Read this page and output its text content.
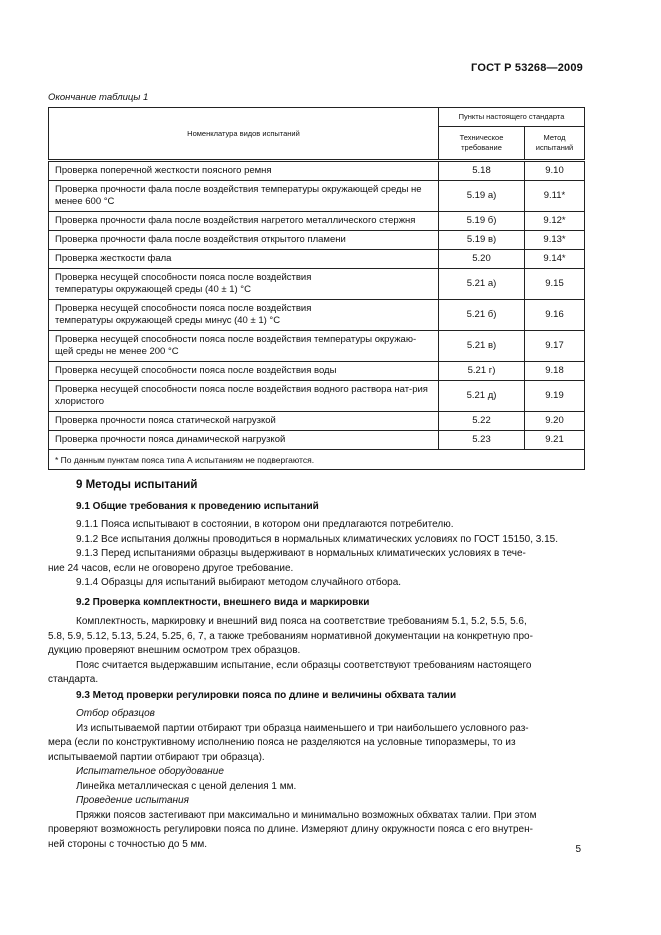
ГОСТ Р 53268—2009
Окончание таблицы 1
Номенклатура видов испытаний	Пункты настоящего стандарта	
	Техническое требование	Метод испытаний
Проверка поперечной жесткости поясного ремня	5.18	9.10
Проверка прочности фала после воздействия температуры окружающей среды не менее 600 °С	5.19 а)	9.11*
Проверка прочности фала после воздействия нагретого металлического стержня	5.19 б)	9.12*
Проверка прочности фала после воздействия открытого пламени	5.19 в)	9.13*
Проверка жесткости фала	5.20	9.14*
Проверка несущей способности пояса после воздействия
температуры окружающей среды (40 ± 1) °С	5.21 а)	9.15
Проверка несущей способности пояса после воздействия
температуры окружающей среды минус (40 ± 1) °С	5.21 б)	9.16
Проверка несущей способности пояса после воздействия температуры окружаю-щей среды не менее 200 °С	5.21 в)	9.17
Проверка несущей способности пояса после воздействия воды	5.21 г)	9.18
Проверка несущей способности пояса после воздействия водного раствора нат-рия хлористого	5.21 д)	9.19
Проверка прочности пояса статической нагрузкой	5.22	9.20
Проверка прочности пояса динамической нагрузкой	5.23	9.21
* По данным пунктам пояса типа А испытаниям не подвергаются.		
9 Методы испытаний
9.1 Общие требования к проведению испытаний

9.1.1 Пояса испытывают в состоянии, в котором они предлагаются потребителю.

9.1.2 Все испытания должны проводиться в нормальных климатических условиях по ГОСТ 15150, 3.15.

9.1.3 Перед испытаниями образцы выдерживают в нормальных климатических условиях в тече-

ние 24 часов, если не оговорено другое требование.

9.1.4 Образцы для испытаний выбирают методом случайного отбора.

9.2 Проверка комплектности, внешнего вида и маркировки

Комплектность, маркировку и внешний вид пояса на соответствие требованиям 5.1, 5.2, 5.5, 5.6,

5.8, 5.9, 5.12, 5.13, 5.24, 5.25, 6, 7, а также требованиям нормативной документации на конкретную про-

дукцию проверяют внешним осмотром трех образцов.

Пояс считается выдержавшим испытание, если образцы соответствуют требованиям настоящего

стандарта.

9.3 Метод проверки регулировки пояса по длине и величины обхвата талии

Отбор образцов

Из испытываемой партии отбирают три образца наименьшего и три наибольшего условного раз-

мера (если по конструктивному исполнению пояса не разделяются на условные типоразмеры, то из

испытываемой партии отбирают три образца).

Испытательное оборудование

Линейка металлическая с ценой деления 1 мм.

Проведение испытания

Пряжки поясов застегивают при максимально и минимально возможных обхватах талии. При этом

проверяют возможность регулировки пояса по длине. Измеряют длину окружности пояса с его внутрен-

ней стороны с точностью до 5 мм.	5
